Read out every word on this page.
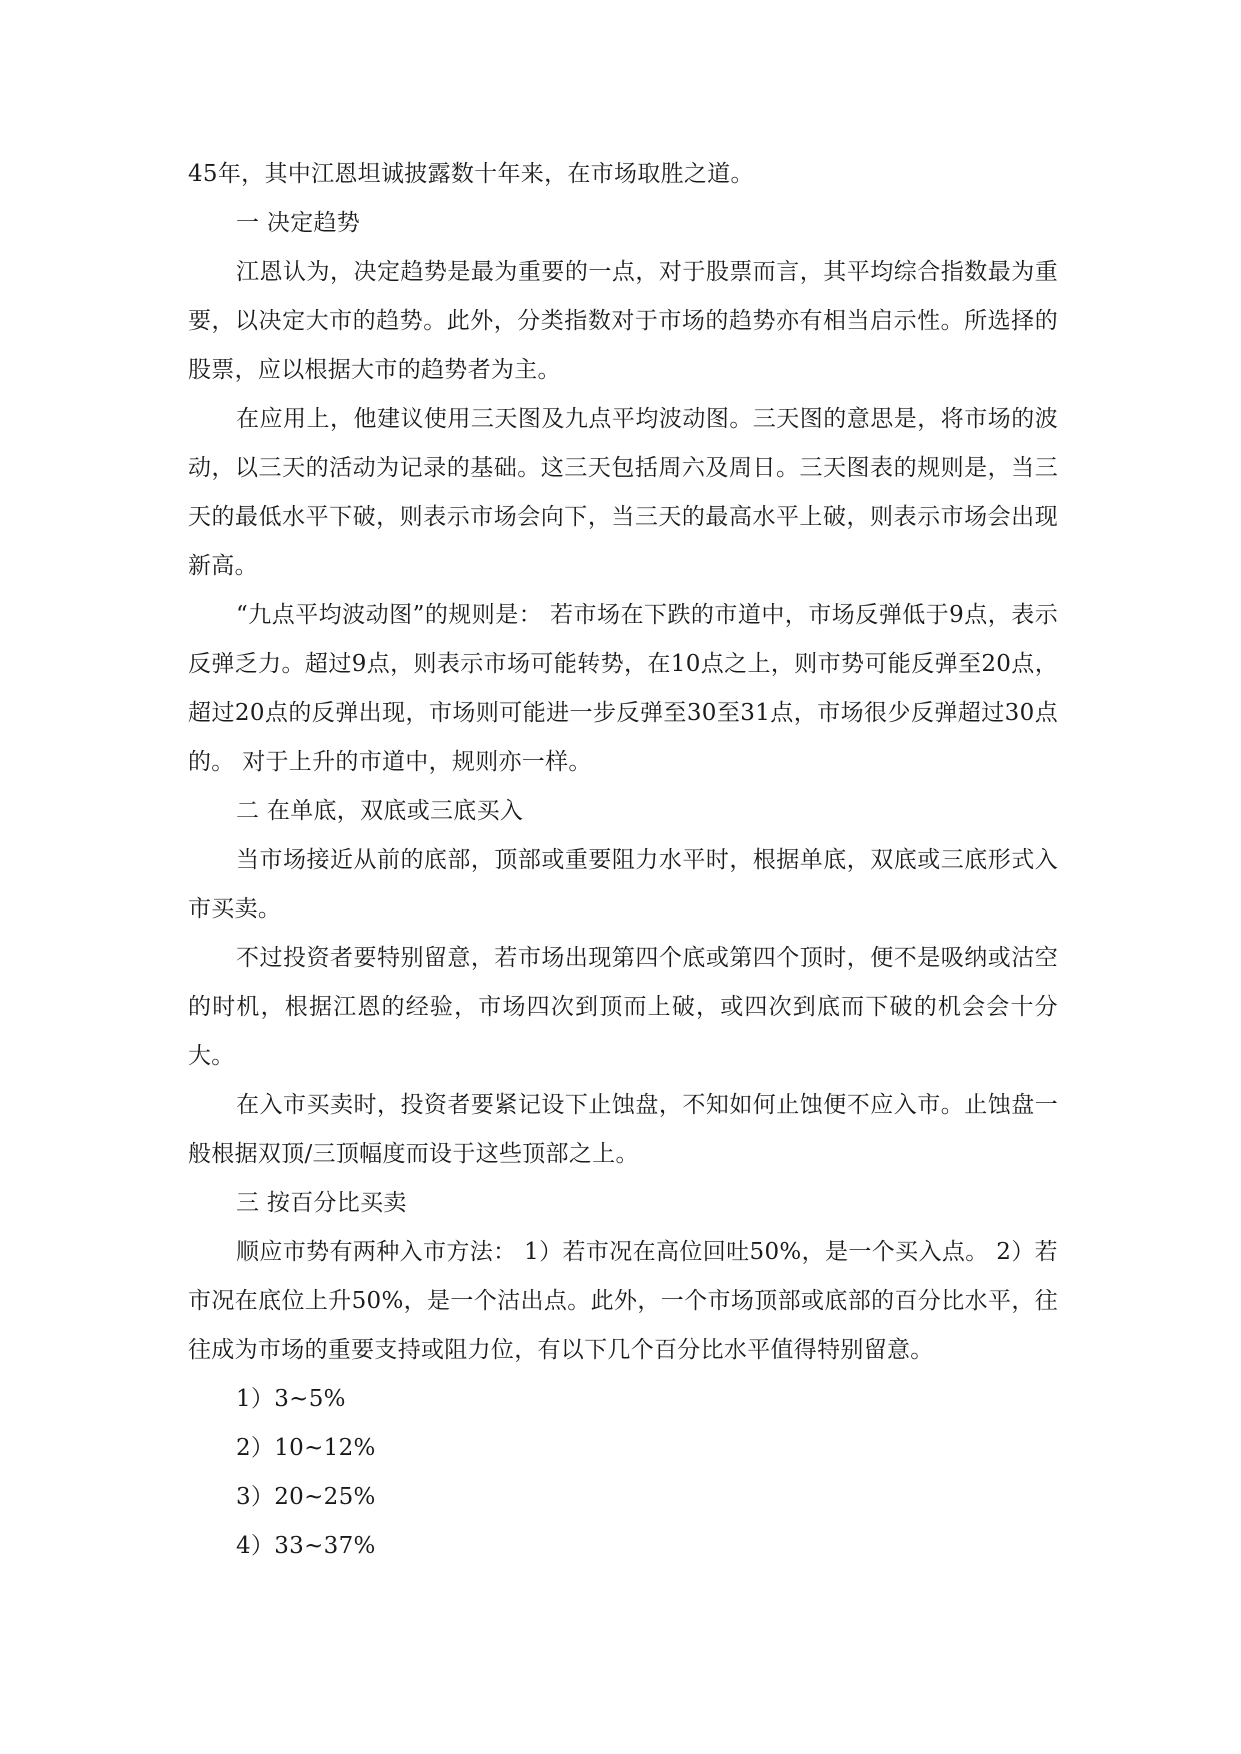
45年，其中江恩坦诚披露数十年来，在市场取胜之道。

一 决定趋势

江恩认为，决定趋势是最为重要的一点，对于股票而言，其平均综合指数最为重要，以决定大市的趋势。此外，分类指数对于市场的趋势亦有相当启示性。所选择的股票，应以根据大市的趋势者为主。

在应用上，他建议使用三天图及九点平均波动图。三天图的意思是，将市场的波动，以三天的活动为记录的基础。这三天包括周六及周日。三天图表的规则是，当三天的最低水平下破，则表示市场会向下，当三天的最高水平上破，则表示市场会出现新高。

“九点平均波动图”的规则是： 若市场在下跌的市道中，市场反弹低于9点，表示反弹乏力。超过9点，则表示市场可能转势，在10点之上，则市势可能反弹至20点，超过20点的反弹出现，市场则可能进一步反弹至30至31点，市场很少反弹超过30点的。 对于上升的市道中，规则亦一样。

二 在单底，双底或三底买入

当市场接近从前的底部，顶部或重要阻力水平时，根据单底，双底或三底形式入市买卖。

不过投资者要特别留意，若市场出现第四个底或第四个顶时，便不是吸纳或沽空的时机，根据江恩的经验，市场四次到顶而上破，或四次到底而下破的机会会十分大。

在入市买卖时，投资者要紧记设下止蚀盘，不知如何止蚀便不应入市。止蚀盘一般根据双顶/三顶幅度而设于这些顶部之上。

三 按百分比买卖

顺应市势有两种入市方法： 1）若市况在高位回吐50%，是一个买入点。 2）若市况在底位上升50%，是一个沽出点。此外，一个市场顶部或底部的百分比水平，往往成为市场的重要支持或阻力位，有以下几个百分比水平值得特别留意。

1）3~5%

2）10~12%

3）20~25%

4）33~37%
